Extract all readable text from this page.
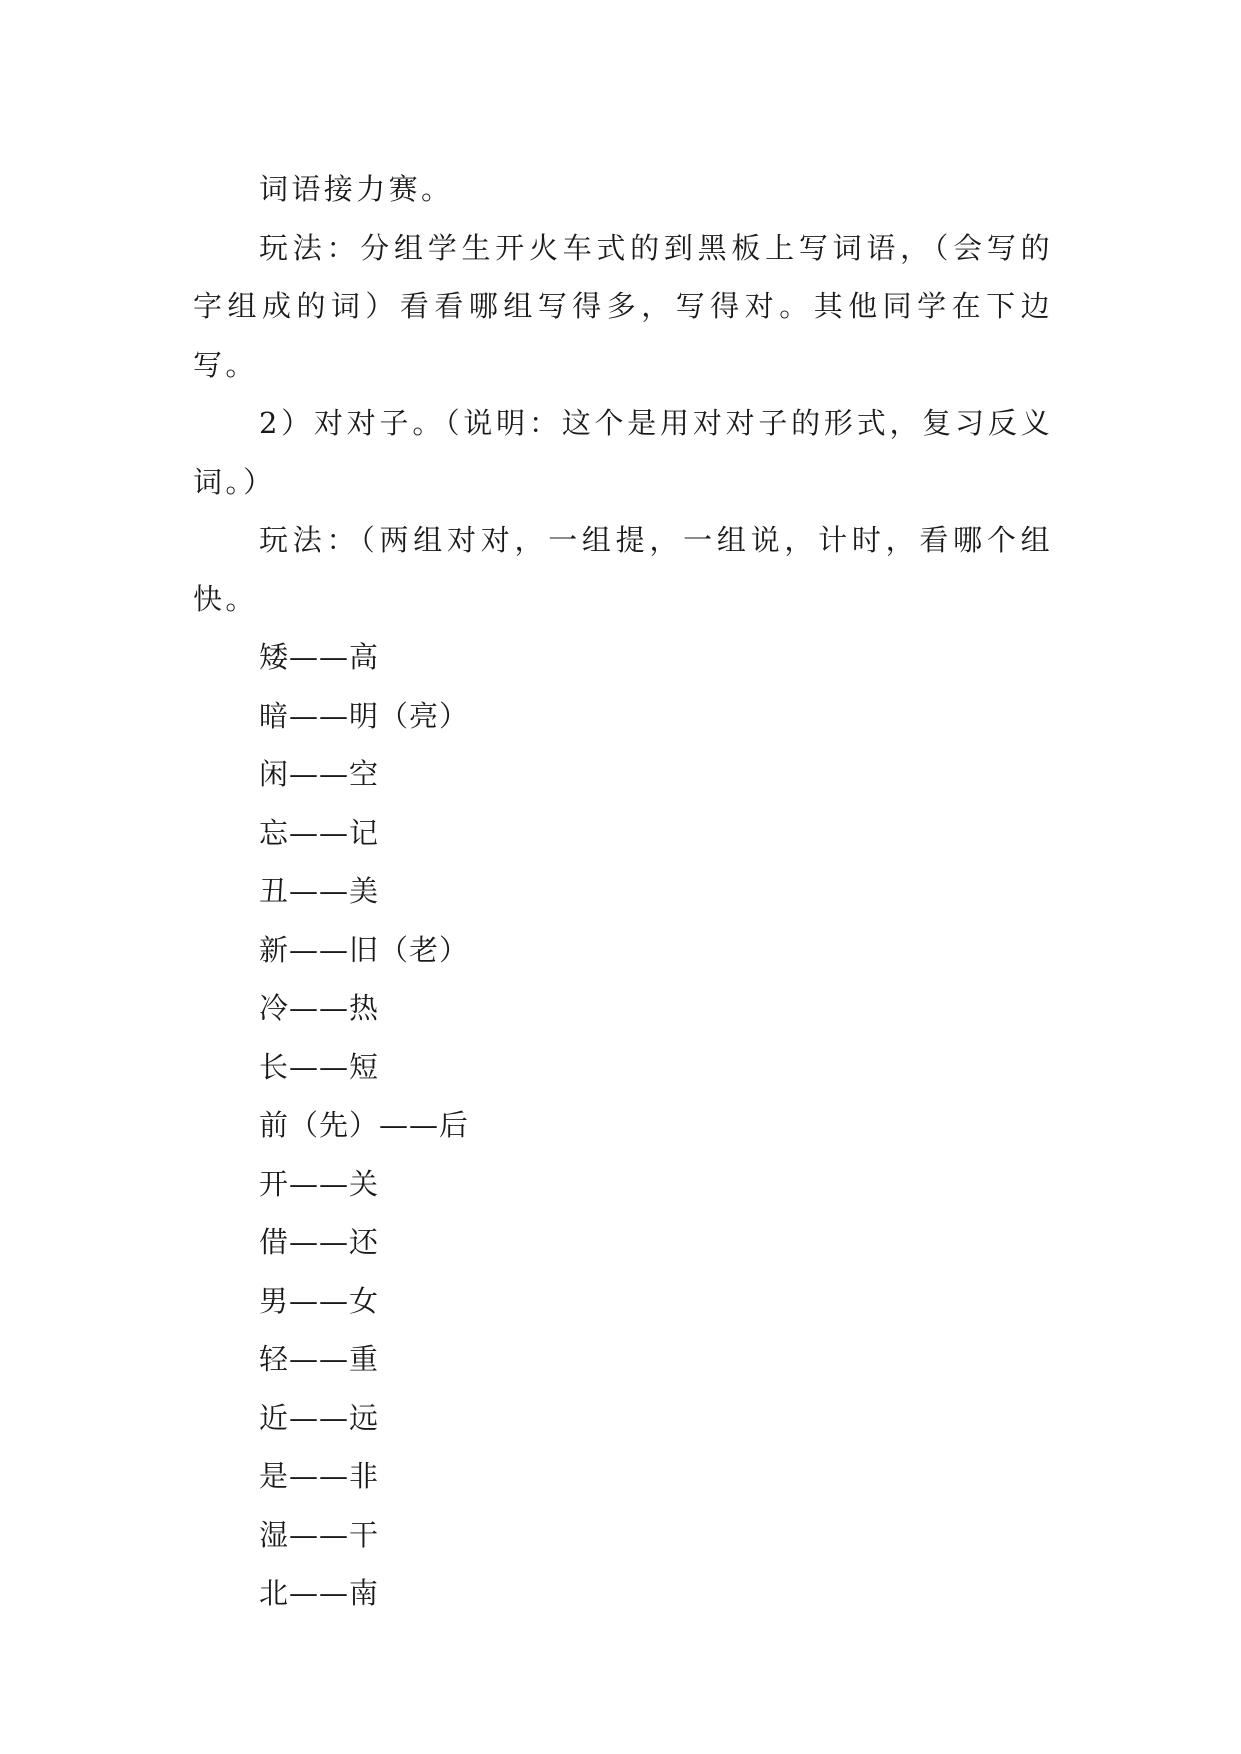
词语接力赛。

玩法：分组学生开火车式的到黑板上写词语，（会写的字组成的词）看看哪组写得多，写得对。其他同学在下边写。

2）对对子。（说明：这个是用对对子的形式，复习反义词。）

玩法：（两组对对，一组提，一组说，计时，看哪个组快。

矮——高

暗——明（亮）

闲——空

忘——记

丑——美

新——旧（老）

冷——热

长——短

前（先）——后

开——关

借——还

男——女

轻——重

近——远

是——非

湿——干

北——南
